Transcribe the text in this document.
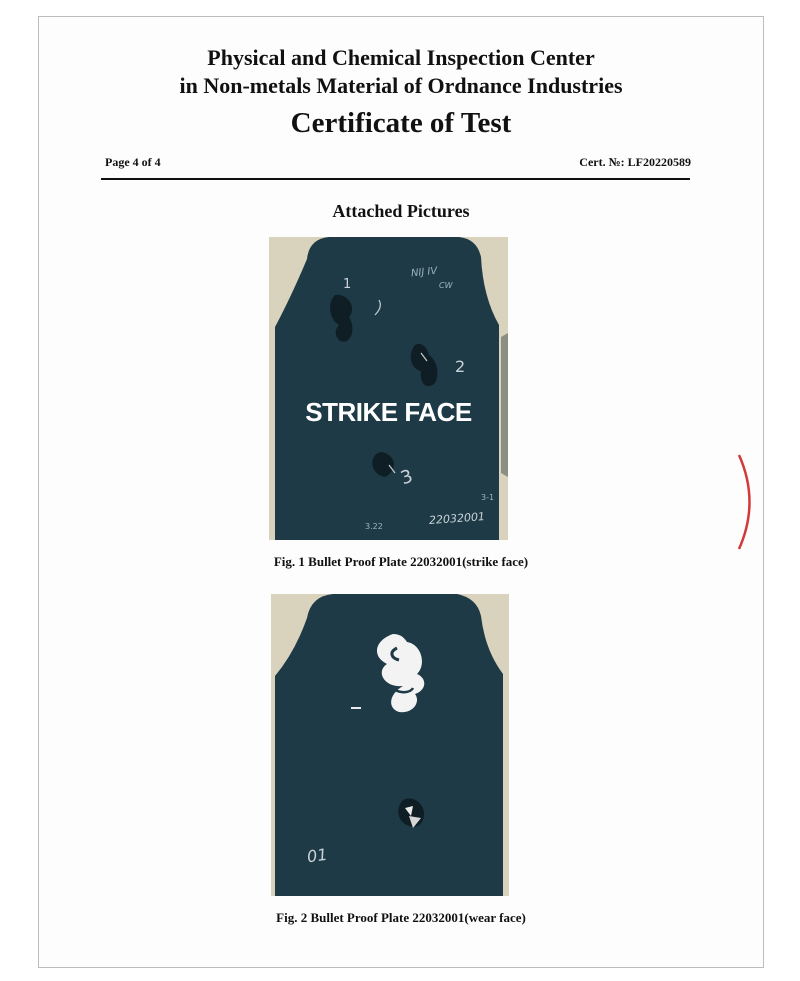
Physical and Chemical Inspection Center
in Non-metals Material of Ordnance Industries
Certificate of Test
Page 4 of 4	Cert. №: LF20220589
Attached Pictures
STRIKE FACE
NIJ IV
CW
1
2
3
22032001
3-1
3.22
Fig. 1 Bullet Proof Plate 22032001(strike face)
01
Fig. 2 Bullet Proof Plate 22032001(wear face)
